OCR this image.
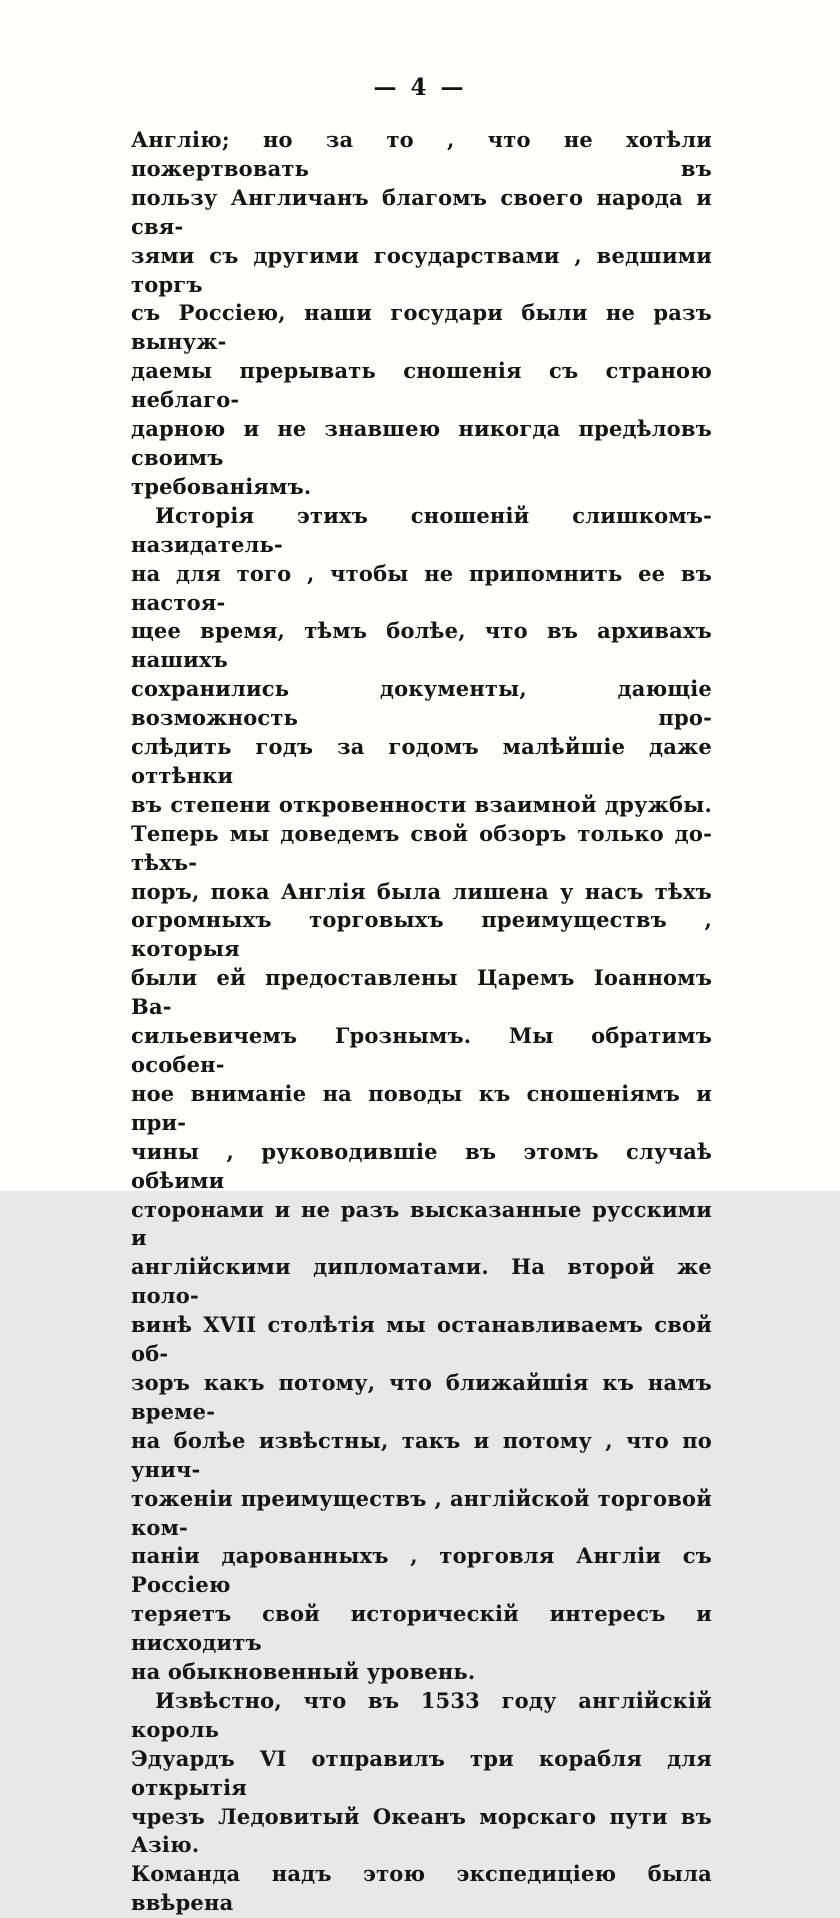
— 4 —
Англію; но за то , что не хотѣли пожертвовать въ
пользу Англичанъ благомъ своего народа и свя-
зями съ другими государствами , ведшими торгъ
съ Россіею, наши государи были не разъ вынуж-
даемы прерывать сношенія съ страною неблаго-
дарною и не знавшею никогда предѣловъ своимъ
требованіямъ.
Исторія этихъ сношеній слишкомъ-назидатель-
на для того , чтобы не припомнить ее въ настоя-
щее время, тѣмъ болѣе, что въ архивахъ нашихъ
сохранились документы, дающіе возможность про-
слѣдить годъ за годомъ малѣйшіе даже оттѣнки
въ степени откровенности взаимной дружбы.
Теперь мы доведемъ свой обзоръ только до-тѣхъ-
поръ, пока Англія была лишена у насъ тѣхъ
огромныхъ торговыхъ преимуществъ , которыя
были ей предоставлены Царемъ Іоанномъ Ва-
сильевичемъ Грознымъ. Мы обратимъ особен-
ное вниманіе на поводы къ сношеніямъ и при-
чины , руководившіе въ этомъ случаѣ обѣими
сторонами и не разъ высказанные русскими и
англійскими дипломатами. На второй же поло-
винѣ XVII столѣтія мы останавливаемъ свой об-
зоръ какъ потому, что ближайшія къ намъ време-
на болѣе извѣстны, такъ и потому , что по унич-
тоженіи преимуществъ , англійской торговой ком-
паніи дарованныхъ , торговля Англіи съ Россіею
теряетъ свой историческій интересъ и нисходитъ
на обыкновенный уровень.
Извѣстно, что въ 1533 году англійскій король
Эдуардъ VI отправилъ три корабля для открытія
чрезъ Ледовитый Океанъ морскаго пути въ Азію.
Команда надъ этою экспедиціею была ввѣрена
